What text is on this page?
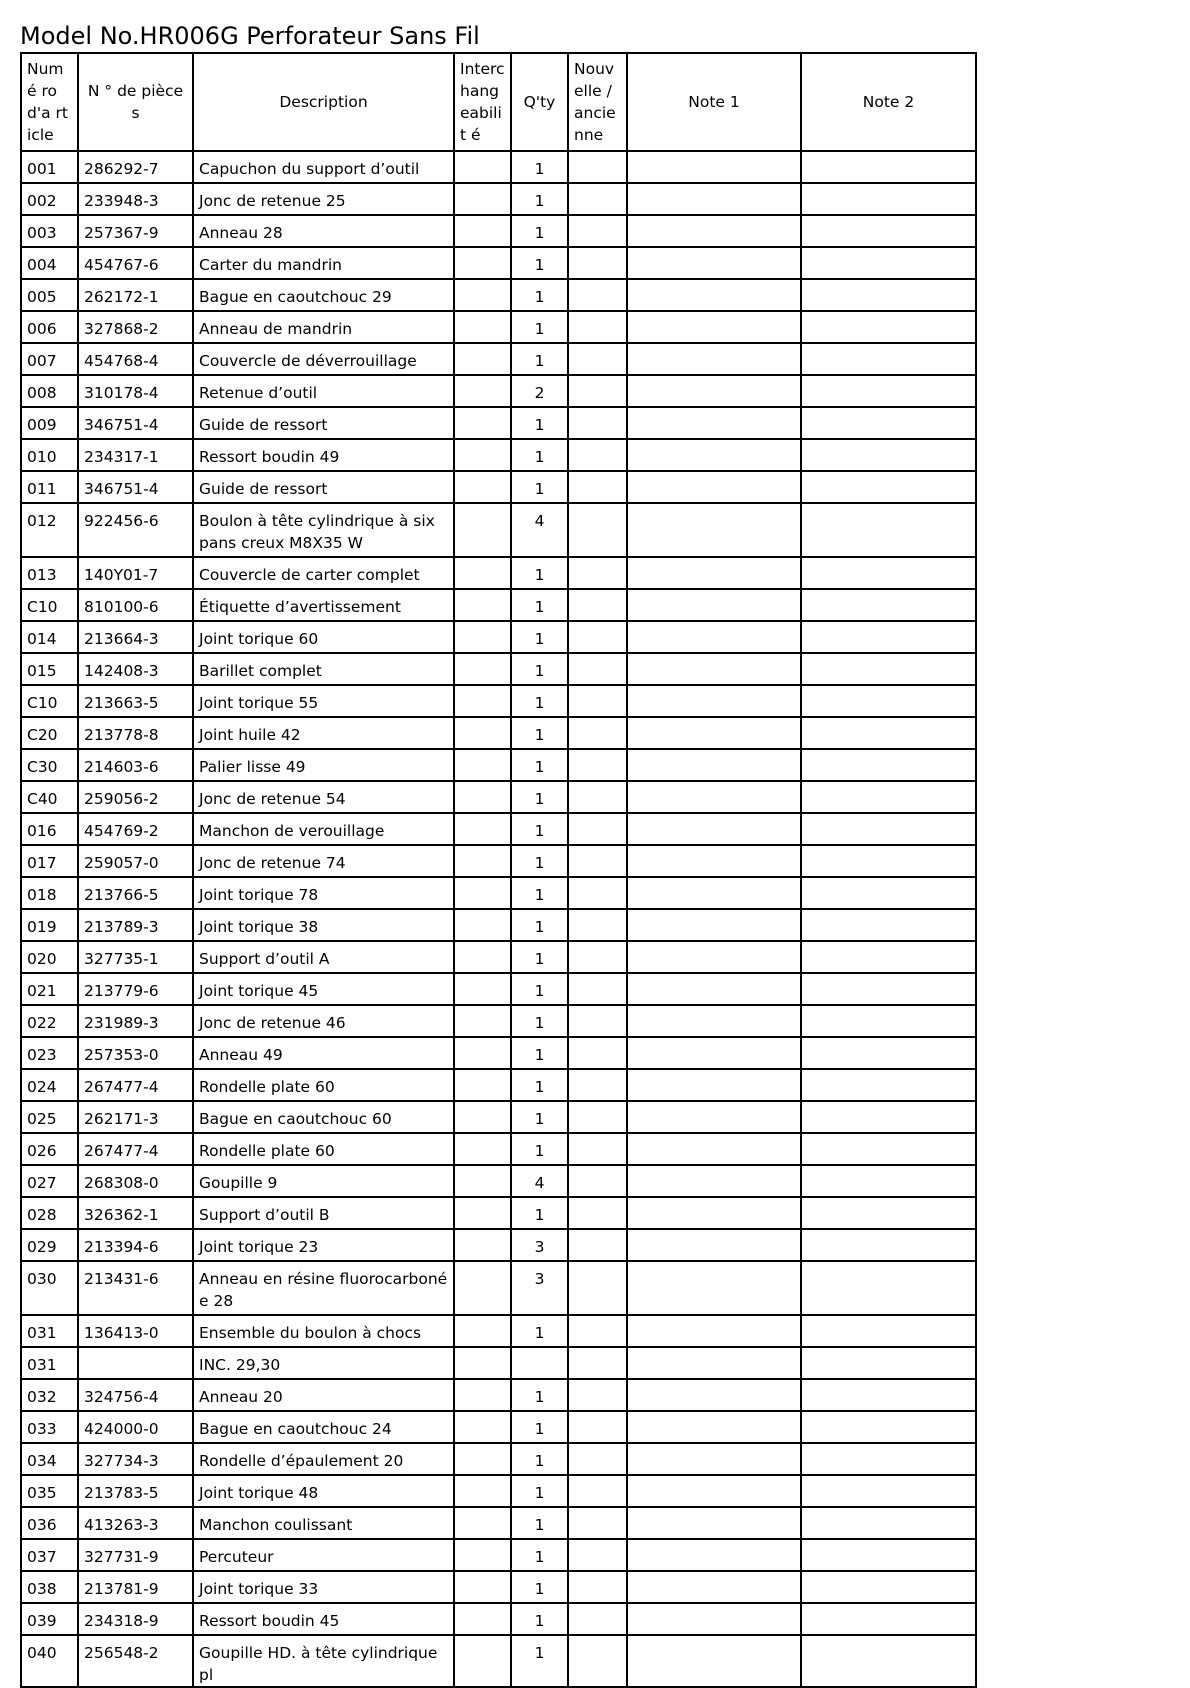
Model No.HR006G Perforateur Sans Fil
Numé ro d'a rticle	N ° de pièces	Description	Interc hang eabilit é	Q'ty	Nouv elle / ancie nne	Note 1	Note 2
001	286292-7	Capuchon du support d’outil		1			
002	233948-3	Jonc de retenue 25		1			
003	257367-9	Anneau 28		1			
004	454767-6	Carter du mandrin		1			
005	262172-1	Bague en caoutchouc 29		1			
006	327868-2	Anneau de mandrin		1			
007	454768-4	Couvercle de déverrouillage		1			
008	310178-4	Retenue d’outil		2			
009	346751-4	Guide de ressort		1			
010	234317-1	Ressort boudin 49		1			
011	346751-4	Guide de ressort		1			
012	922456-6	Boulon à tête cylindrique à six pans creux M8X35 W		4			
013	140Y01-7	Couvercle de carter complet		1			
C10	810100-6	Étiquette d’avertissement		1			
014	213664-3	Joint torique 60		1			
015	142408-3	Barillet complet		1			
C10	213663-5	Joint torique 55		1			
C20	213778-8	Joint huile 42		1			
C30	214603-6	Palier lisse 49		1			
C40	259056-2	Jonc de retenue 54		1			
016	454769-2	Manchon de verouillage		1			
017	259057-0	Jonc de retenue 74		1			
018	213766-5	Joint torique 78		1			
019	213789-3	Joint torique 38		1			
020	327735-1	Support d’outil A		1			
021	213779-6	Joint torique 45		1			
022	231989-3	Jonc de retenue 46		1			
023	257353-0	Anneau 49		1			
024	267477-4	Rondelle plate 60		1			
025	262171-3	Bague en caoutchouc 60		1			
026	267477-4	Rondelle plate 60		1			
027	268308-0	Goupille 9		4			
028	326362-1	Support d’outil B		1			
029	213394-6	Joint torique 23		3			
030	213431-6	Anneau en résine fluorocarbonée 28		3			
031	136413-0	Ensemble du boulon à chocs		1			
031		INC. 29,30					
032	324756-4	Anneau 20		1			
033	424000-0	Bague en caoutchouc 24		1			
034	327734-3	Rondelle d’épaulement 20		1			
035	213783-5	Joint torique 48		1			
036	413263-3	Manchon coulissant		1			
037	327731-9	Percuteur		1			
038	213781-9	Joint torique 33		1			
039	234318-9	Ressort boudin 45		1			
040	256548-2	Goupille HD. à tête cylindrique pl		1			
